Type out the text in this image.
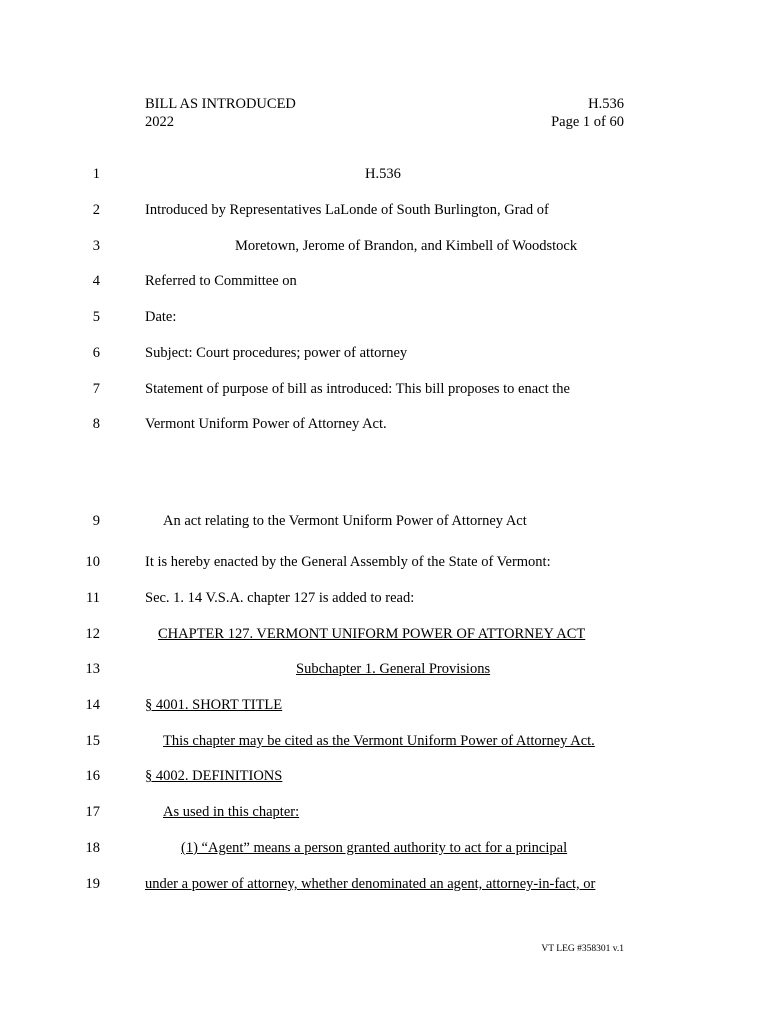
BILL AS INTRODUCED
2022
H.536
Page 1 of 60
1	H.536
2	Introduced by Representatives LaLonde of South Burlington, Grad of
3	Moretown, Jerome of Brandon, and Kimbell of Woodstock
4	Referred to Committee on
5	Date:
6	Subject: Court procedures; power of attorney
7	Statement of purpose of bill as introduced: This bill proposes to enact the
8	Vermont Uniform Power of Attorney Act.
9	An act relating to the Vermont Uniform Power of Attorney Act
10	It is hereby enacted by the General Assembly of the State of Vermont:
11	Sec. 1. 14 V.S.A. chapter 127 is added to read:
12	CHAPTER 127. VERMONT UNIFORM POWER OF ATTORNEY ACT
13	Subchapter 1. General Provisions
14	§ 4001. SHORT TITLE
15	This chapter may be cited as the Vermont Uniform Power of Attorney Act.
16	§ 4002. DEFINITIONS
17	As used in this chapter:
18	(1) “Agent” means a person granted authority to act for a principal
19	under a power of attorney, whether denominated an agent, attorney-in-fact, or
VT LEG #358301 v.1
